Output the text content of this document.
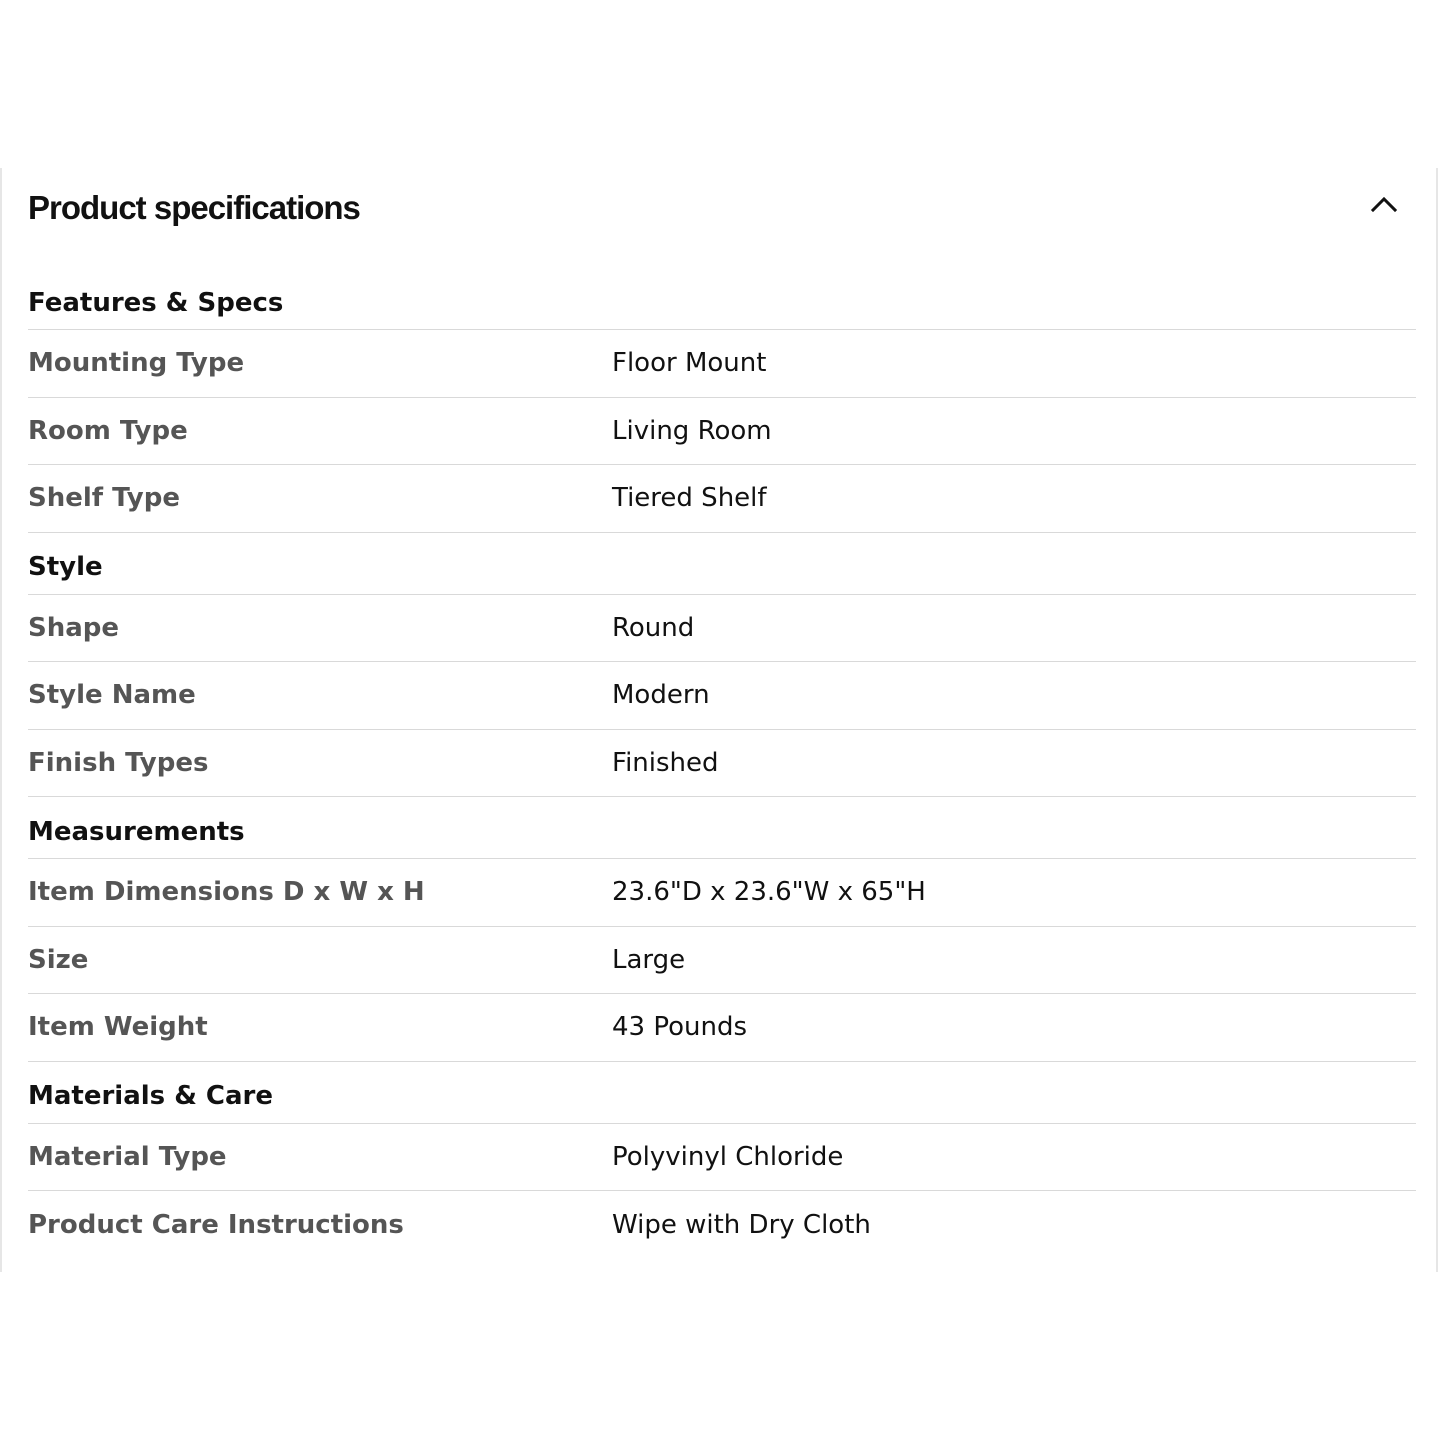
Product specifications
Features & Specs
Mounting Type	Floor Mount
Room Type	Living Room
Shelf Type	Tiered Shelf
Style
Shape	Round
Style Name	Modern
Finish Types	Finished
Measurements
Item Dimensions D x W x H	23.6"D x 23.6"W x 65"H
Size	Large
Item Weight	43 Pounds
Materials & Care
Material Type	Polyvinyl Chloride
Product Care Instructions	Wipe with Dry Cloth
